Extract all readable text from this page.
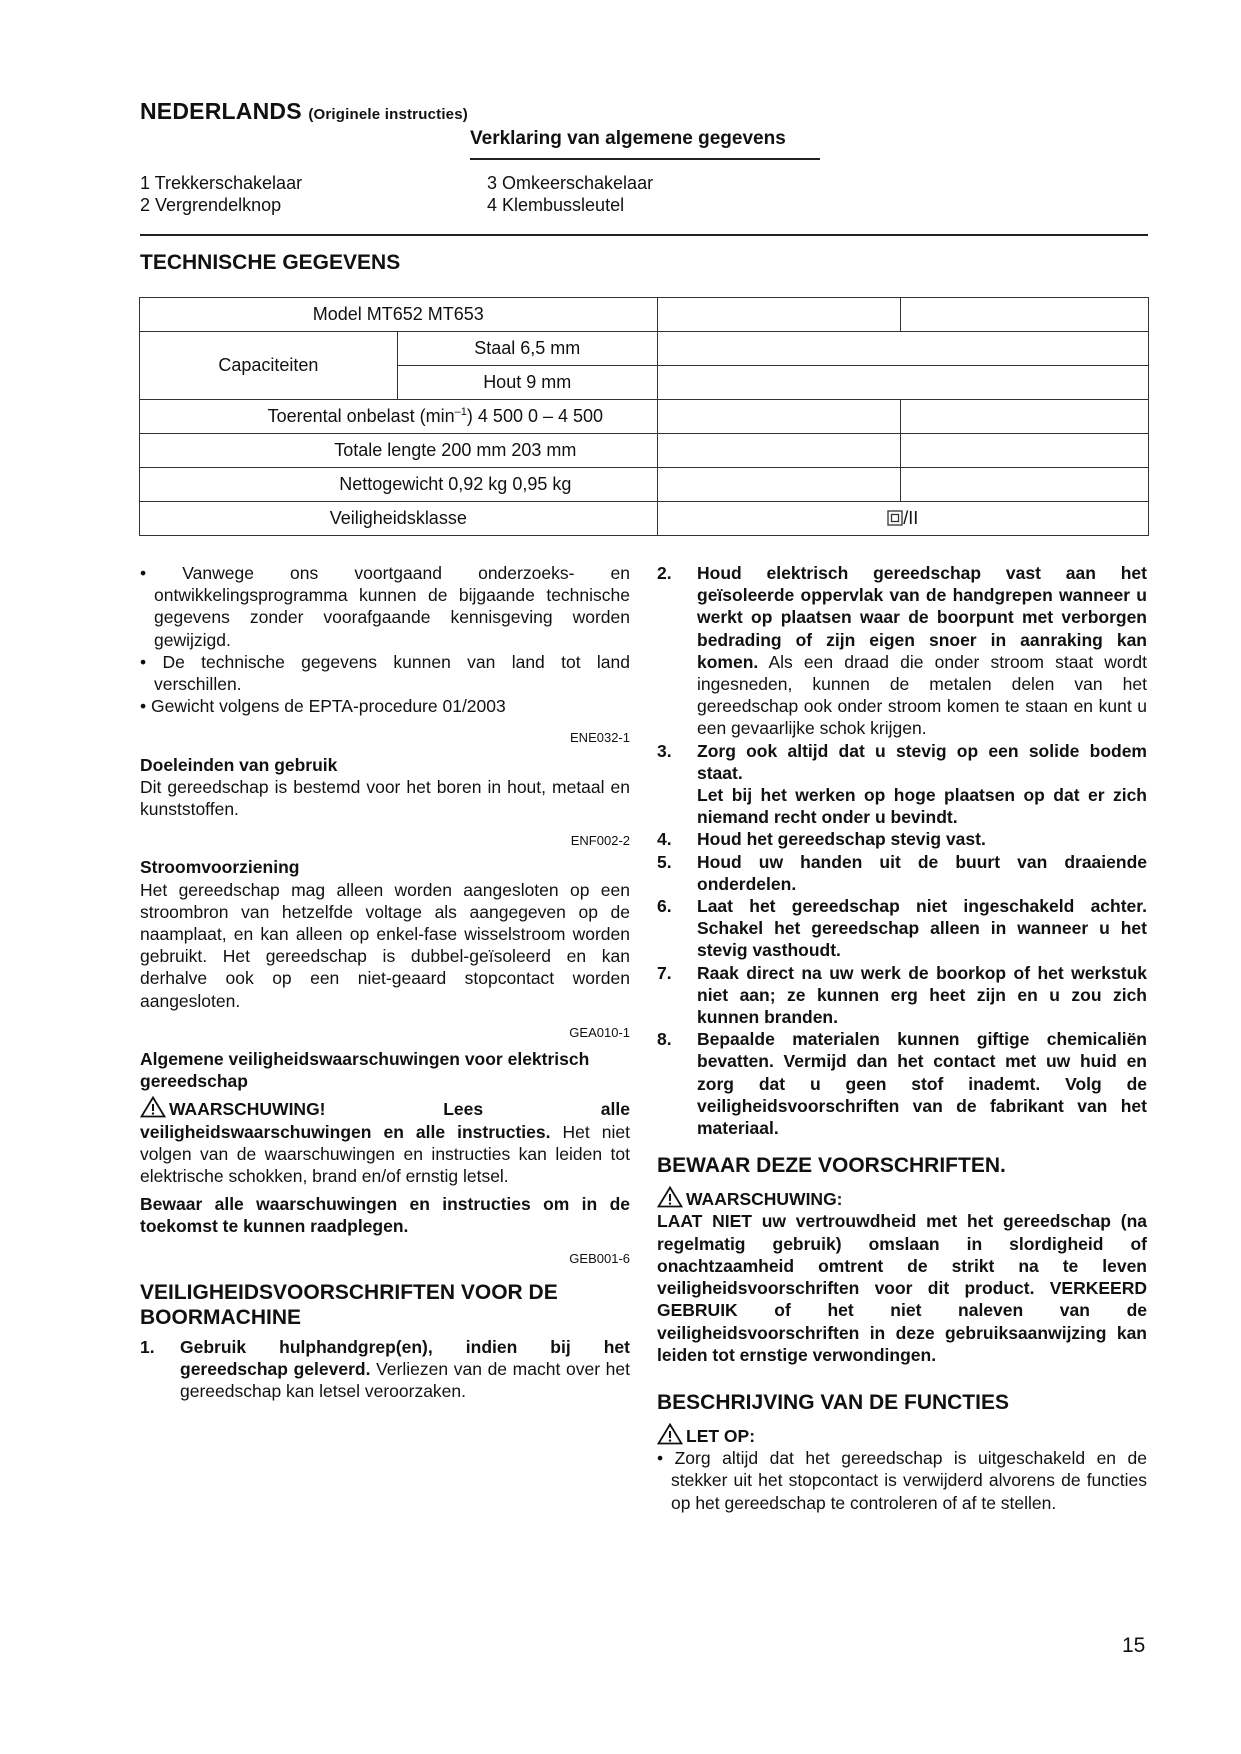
NEDERLANDS (Originele instructies)
Verklaring van algemene gegevens
1 Trekkerschakelaar
2 Vergrendelknop
3 Omkeerschakelaar
4 Klembussleutel
TECHNISCHE GEGEVENS
Model MT652 MT653			
Capaciteiten	Staal 6,5 mm		
	Hout 9 mm		
Toerental onbelast $(\min^{-1})$ 4 500 0 – 4 500			
Totale lengte 200 mm 203 mm			
Nettogewicht 0,92 kg 0,95 kg			
Veiligheidsklasse		/II	

• Vanwege ons voortgaand onderzoeks- en ontwikkelingsprogramma kunnen de bijgaande technische gegevens zonder voorafgaande kennisgeving worden gewijzigd.

• De technische gegevens kunnen van land tot land verschillen.

• Gewicht volgens de EPTA-procedure 01/2003

ENE032-1

Doeleinden van gebruik

Dit gereedschap is bestemd voor het boren in hout, metaal en kunststoffen.

ENF002-2

Stroomvoorziening

Het gereedschap mag alleen worden aangesloten op een stroombron van hetzelfde voltage als aangegeven op de naamplaat, en kan alleen op enkel-fase wisselstroom worden gebruikt. Het gereedschap is dubbel-geïsoleerd en kan derhalve ook op een niet-geaard stopcontact worden aangesloten.

GEA010-1

Algemene veiligheidswaarschuwingen voor elektrisch gereedschap

WAARSCHUWING!	Lees alle veiligheidswaarschuwingen en alle instructies. Het niet volgen van de waarschuwingen en instructies kan leiden tot elektrische schokken, brand en/of ernstig letsel.

Bewaar alle waarschuwingen en instructies om in de toekomst te kunnen raadplegen.

GEB001-6

VEILIGHEIDSVOORSCHRIFTEN VOOR DE BOORMACHINE

1. Gebruik hulphandgrep(en), indien bij het gereedschap geleverd. Verliezen van de macht over het gereedschap kan letsel veroorzaken.

2. Houd elektrisch gereedschap vast aan het geïsoleerde oppervlak van de handgrepen wanneer u werkt op plaatsen waar de boorpunt met verborgen bedrading of zijn eigen snoer in aanraking kan komen. Als een draad die onder stroom staat wordt ingesneden, kunnen de metalen delen van het gereedschap ook onder stroom komen te staan en kunt u een gevaarlijke schok krijgen.

3. Zorg ook altijd dat u stevig op een solide bodem staat.

Let bij het werken op hoge plaatsen op dat er zich niemand recht onder u bevindt.

4. Houd het gereedschap stevig vast.

5. Houd uw handen uit de buurt van draaiende onderdelen.

6. Laat het gereedschap niet ingeschakeld achter. Schakel het gereedschap alleen in wanneer u het stevig vasthoudt.

7. Raak direct na uw werk de boorkop of het werkstuk niet aan; ze kunnen erg heet zijn en u zou zich kunnen branden.

8. Bepaalde materialen kunnen giftige chemicaliën bevatten. Vermijd dan het contact met uw huid en zorg dat u geen stof inademt. Volg de veiligheidsvoorschriften van de fabrikant van het materiaal.

BEWAAR DEZE VOORSCHRIFTEN.

WAARSCHUWING:

LAAT NIET uw vertrouwdheid met het gereedschap (na regelmatig gebruik) omslaan in slordigheid of onachtzaamheid omtrent de strikt na te leven veiligheidsvoorschriften voor dit product. VERKEERD GEBRUIK of het niet naleven van de veiligheidsvoorschriften in deze gebruiksaanwijzing kan leiden tot ernstige verwondingen.

BESCHRIJVING VAN DE FUNCTIES

LET OP:

• Zorg altijd dat het gereedschap is uitgeschakeld en de stekker uit het stopcontact is verwijderd alvorens de functies op het gereedschap te controleren of af te stellen.

15
